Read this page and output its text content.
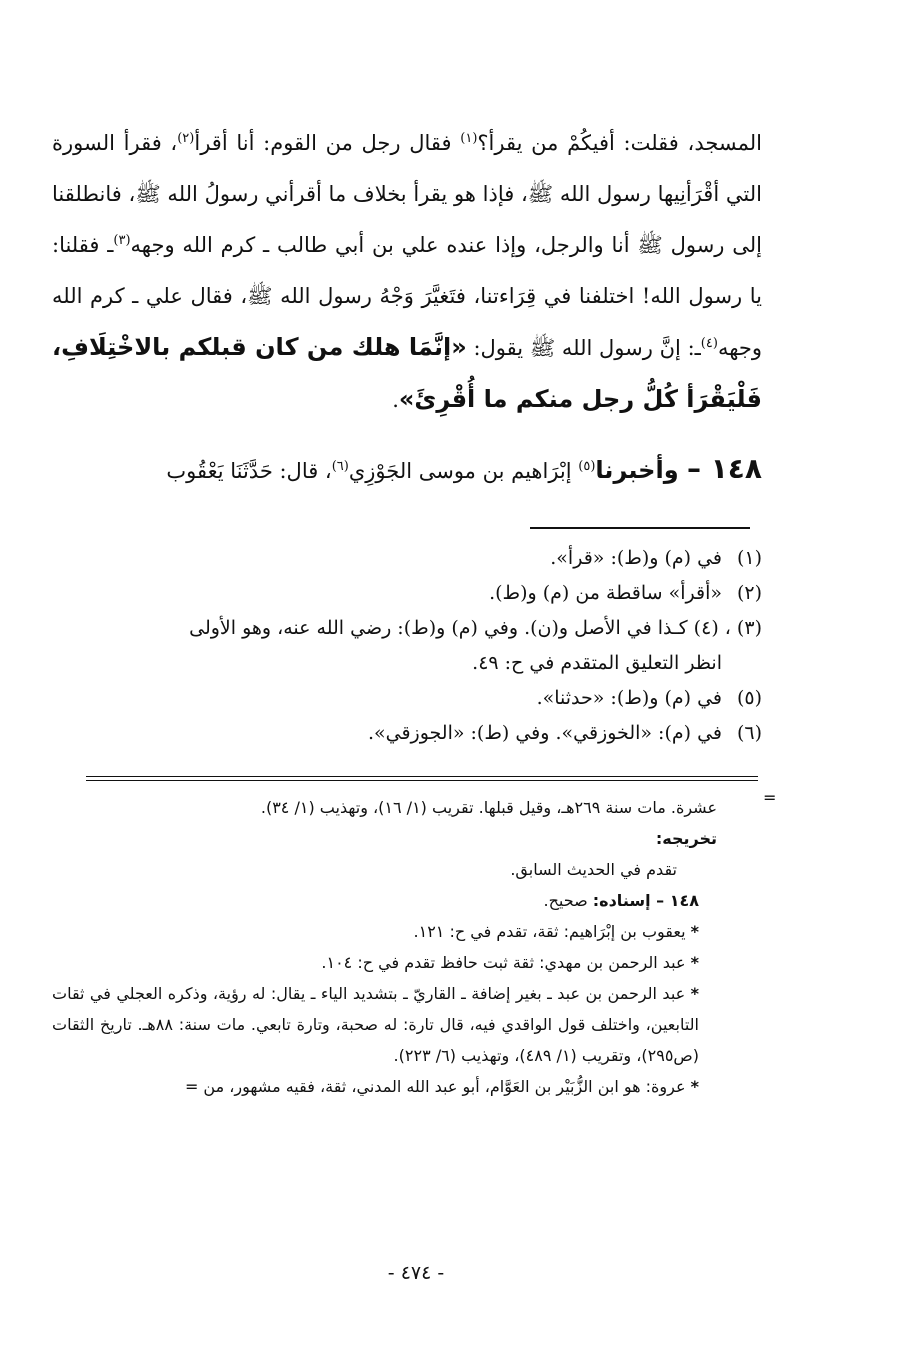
المسجد، فقلت: أفيكُمْ من يقرأ؟$^{(١)}$ فقال رجل من القوم: أنا أقرأ$^{(٢)}$، فقرأ السورة التي أقْرَأنِيها رسول الله ﷺ، فإذا هو يقرأ بخلاف ما أقرأني رسولُ الله ﷺ، فانطلقنا إلى رسول ﷺ أنا والرجل، وإذا عنده علي بن أبي طالب ـ كرم الله وجهه$^{(٣)}$ـ فقلنا: يا رسول الله! اختلفنا في قِرَاءتنا، فتَغيَّرَ وَجْهُ رسول الله ﷺ، فقال علي ـ كرم الله وجهه$^{(٤)}$ـ: إنَّ رسول الله ﷺ يقول: «إنَّمَا هلك من كان قبلكم بالاخْتِلَافِ، فَلْيَقْرَأ كُلُّ رجل منكم ما أُقْرِئَ».

١٤٨ – وأخبرنا$^{(٥)}$ إبْرَاهيم بن موسى الجَوْزِي$^{(٦)}$، قال: حَدَّثَنَا يَعْقُوب
(١)في (م) و(ط): «قرأ».
(٢)«أقرأ» ساقطة من (م) و(ط).
(٣) ، (٤) كـذا في الأصل و(ن). وفي (م) و(ط): رضي الله عنه، وهو الأولى
انظر التعليق المتقدم في ح: ٤٩.
(٥)في (م) و(ط): «حدثنا».
(٦)في (م): «الخوزقي». وفي (ط): «الجوزقي».
=

عشرة. مات سنة ٢٦٩هـ، وقيل قبلها. تقريب (١/ ١٦)، وتهذيب (١/ ٣٤).

تخريجه:

تقدم في الحديث السابق.

١٤٨ – إسناده: صحيح.

* يعقوب بن إبْرَاهيم: ثقة، تقدم في ح: ١٢١.

* عبد الرحمن بن مهدي: ثقة ثبت حافظ تقدم في ح: ١٠٤.

* عبد الرحمن بن عبد ـ بغير إضافة ـ القاريّ ـ بتشديد الياء ـ يقال: له رؤية، وذكره العجلي في ثقات التابعين، واختلف قول الواقدي فيه، قال تارة: له صحبة، وتارة تابعي. مات سنة: ٨٨هـ. تاريخ الثقات (ص٢٩٥)، وتقريب (١/ ٤٨٩)، وتهذيب (٦/ ٢٢٣).

* عروة: هو ابن الزُّبَيْر بن العَوَّام، أبو عبد الله المدني، ثقة، فقيه مشهور، من =

- ٤٧٤ -
